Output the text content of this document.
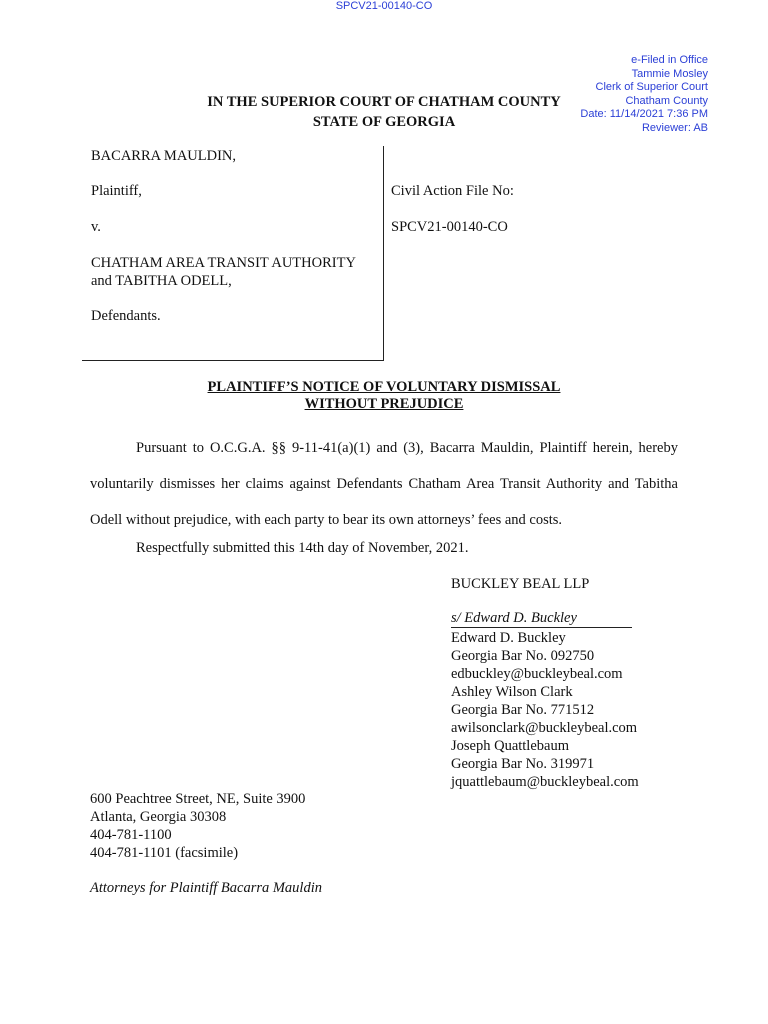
SPCV21-00140-CO
e-Filed in Office
Tammie Mosley
Clerk of Superior Court
Chatham County
Date: 11/14/2021 7:36 PM
Reviewer: AB
IN THE SUPERIOR COURT OF CHATHAM COUNTY
STATE OF GEORGIA
BACARRA MAULDIN,
Plaintiff,
v.
CHATHAM AREA TRANSIT AUTHORITY
and TABITHA ODELL,
Defendants.
Civil Action File No:
SPCV21-00140-CO
PLAINTIFF’S NOTICE OF VOLUNTARY DISMISSAL
WITHOUT PREJUDICE

Pursuant to O.C.G.A. §§ 9-11-41(a)(1) and (3), Bacarra Mauldin, Plaintiff herein, hereby voluntarily dismisses her claims against Defendants Chatham Area Transit Authority and Tabitha Odell without prejudice, with each party to bear its own attorneys’ fees and costs.

Respectfully submitted this 14th day of November, 2021.
BUCKLEY BEAL LLP
s/ Edward D. Buckley
Edward D. Buckley
Georgia Bar No. 092750
edbuckley@buckleybeal.com
Ashley Wilson Clark
Georgia Bar No. 771512
awilsonclark@buckleybeal.com
Joseph Quattlebaum
Georgia Bar No. 319971
jquattlebaum@buckleybeal.com
600 Peachtree Street, NE, Suite 3900
Atlanta, Georgia 30308
404-781-1100
404-781-1101 (facsimile)
Attorneys for Plaintiff Bacarra Mauldin
